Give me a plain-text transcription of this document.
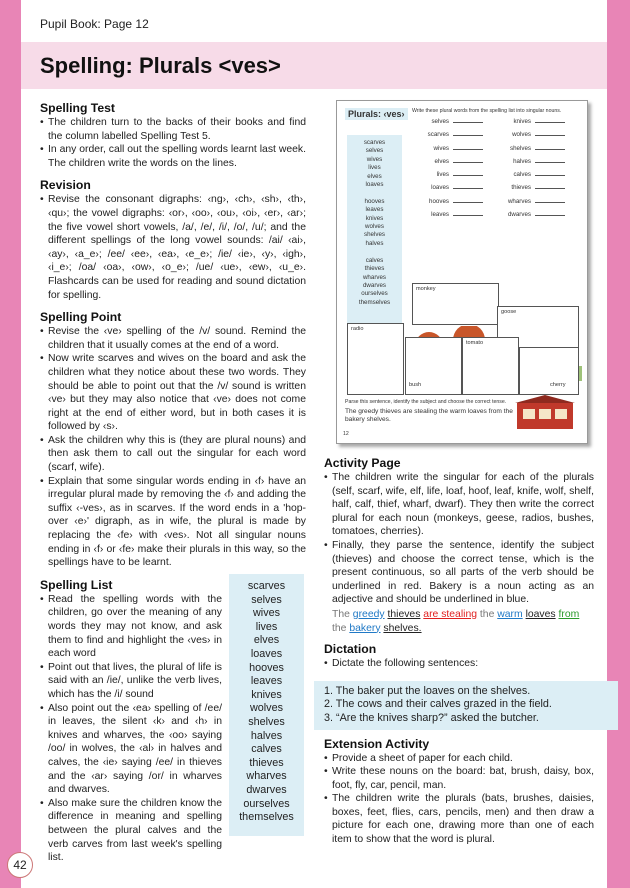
Pupil Book: Page 12
Spelling: Plurals <ves>
Spelling Test
• The children turn to the backs of their books and find the column labelled Spelling Test 5.
• In any order, call out the spelling words learnt last week. The children write the words on the lines.
Revision
• Revise the consonant digraphs: ‹ng›, ‹ch›, ‹sh›, ‹th›, ‹qu›; the vowel digraphs: ‹or›, ‹oo›, ‹ou›, ‹oi›, ‹er›, ‹ar›; the five vowel short vowels, /a/, /e/, /i/, /o/, /u/; and the different spellings of the long vowel sounds: /ai/ ‹ai›, ‹ay›, ‹a_e›; /ee/ ‹ee›, ‹ea›, ‹e_e›; /ie/ ‹ie›, ‹y›, ‹igh›, ‹i_e›; /oa/ ‹oa›, ‹ow›, ‹o_e›; /ue/ ‹ue›, ‹ew›, ‹u_e›. Flashcards can be used for reading and sound dictation for spelling.
Spelling Point
• Revise the ‹ve› spelling of the /v/ sound. Remind the children that it usually comes at the end of a word.
• Now write scarves and wives on the board and ask the children what they notice about these two words. They should be able to point out that the /v/ sound is written ‹ve› but they may also notice that ‹ve› does not come right at the end of either word, but in both cases it is followed by ‹s›.
• Ask the children why this is (they are plural nouns) and then ask them to call out the singular for each word (scarf, wife).
• Explain that some singular words ending in ‹f› have an irregular plural made by removing the ‹f› and adding the suffix ‹-ves›, as in scarves. If the word ends in a 'hop-over ‹e›' digraph, as in wife, the plural is made by replacing the ‹fe› with ‹ves›. Not all singular nouns ending in ‹f› or ‹fe› make their plurals in this way, so the spellings have to be learnt.
Spelling List
• Read the spelling words with the children, go over the meaning of any words they may not know, and ask them to find and highlight the ‹ves› in each word
• Point out that lives, the plural of life is said with an /ie/, unlike the verb lives, which has the /i/ sound
• Also point out the ‹ea› spelling of /ee/ in leaves, the silent ‹k› and ‹h› in knives and wharves, the ‹oo› saying /oo/ in wolves, the ‹al› in halves and calves, the ‹ie› saying /ee/ in thieves and the ‹ar› saying /or/ in wharves and dwarves.
• Also make sure the children know the difference in meaning and spelling between the plural calves and the verb carves from last week's spelling list.
scarves
selves
wives
lives
elves
loaves
hooves
leaves
knives
wolves
shelves
halves
calves
thieves
wharves
dwarves
ourselves
themselves
Plurals: ‹ves›	Write these plural words from the spelling list into singular nouns.
scarves
selves
wives
lives
elves
loaves

hooves
leaves
knives
wolves
shelves
halves

calves
thieves
wharves
dwarves
ourselves
themselves
selves
scarves
wives
elves
lives
loaves
hooves
leaves
knives
wolves
shelves
halves
calves
thieves
wharves
dwarves
monkey
goose
radio
tomato
bush	cherry
Parse this sentence, identify the subject and choose the correct tense.
The greedy thieves are stealing the warm loaves from the bakery shelves.
12
Activity Page
• The children write the singular for each of the plurals (self, scarf, wife, elf, life, loaf, hoof, leaf, knife, wolf, shelf, half, calf, thief, wharf, dwarf). They then write the correct plural for each noun (monkeys, geese, radios, bushes, tomatoes, cherries).
• Finally, they parse the sentence, identify the subject (thieves) and choose the correct tense, which is the present continuous, so all parts of the verb should be underlined in red. Bakery is a noun acting as an adjective and should be underlined in blue.
The greedy thieves are stealing the warm loaves from the bakery shelves.
Dictation
• Dictate the following sentences:
1. The baker put the loaves on the shelves.
2. The cows and their calves grazed in the field.
3. “Are the knives sharp?” asked the butcher.
Extension Activity
• Provide a sheet of paper for each child.
• Write these nouns on the board: bat, brush, daisy, box, foot, fly, car, pencil, man.
• The children write the plurals (bats, brushes, daisies, boxes, feet, flies, cars, pencils, men) and then draw a picture for each one, drawing more than one of each item to show that the word is plural.
42
